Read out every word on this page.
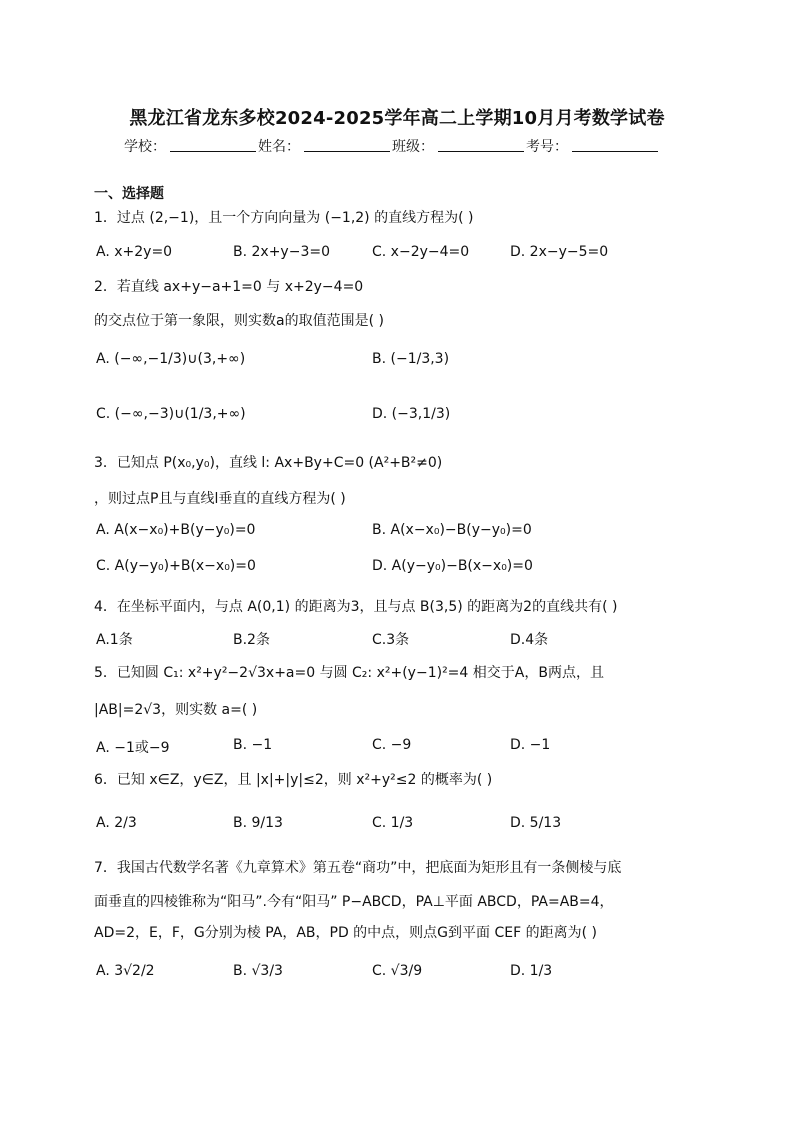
黑龙江省龙东多校2024-2025学年高二上学期10月月考数学试卷
学校：	姓名：	班级：	考号：
一、选择题
1．过点 (2,−1)，且一个方向向量为 (−1,2) 的直线方程为( )
A. x+2y=0	B. 2x+y−3=0	C. x−2y−4=0	D. 2x−y−5=0
2．若直线 ax+y−a+1=0 与 x+2y−4=0
的交点位于第一象限，则实数a的取值范围是( )
A. (−∞,−1/3)∪(3,+∞)	B. (−1/3,3)
C. (−∞,−3)∪(1/3,+∞)	D. (−3,1/3)
3．已知点 P(x₀,y₀)，直线 l: Ax+By+C=0 (A²+B²≠0)
，则过点P且与直线l垂直的直线方程为( )
A. A(x−x₀)+B(y−y₀)=0	B. A(x−x₀)−B(y−y₀)=0
C. A(y−y₀)+B(x−x₀)=0	D. A(y−y₀)−B(x−x₀)=0
4．在坐标平面内，与点 A(0,1) 的距离为3，且与点 B(3,5) 的距离为2的直线共有( )
A.1条	B.2条	C.3条	D.4条
5．已知圆 C₁: x²+y²−2√3x+a=0 与圆 C₂: x²+(y−1)²=4 相交于A，B两点，且
|AB|=2√3，则实数 a=( )
A. −1或−9	B. −1	C. −9	D. −1
6．已知 x∈Z，y∈Z，且 |x|+|y|≤2，则 x²+y²≤2 的概率为( )
A. 2/3	B. 9/13	C. 1/3	D. 5/13
7．我国古代数学名著《九章算术》第五卷“商功”中，把底面为矩形且有一条侧棱与底
面垂直的四棱锥称为“阳马”.今有“阳马” P−ABCD，PA⊥平面 ABCD，PA=AB=4，
AD=2，E，F，G分别为棱 PA，AB，PD 的中点，则点G到平面 CEF 的距离为( )
A. 3√2/2	B. √3/3	C. √3/9	D. 1/3
